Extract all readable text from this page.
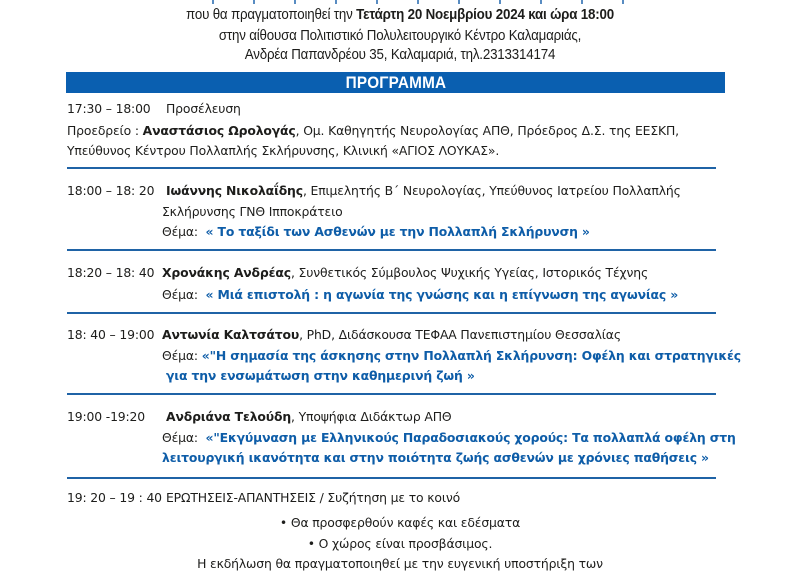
που θα πραγματοποιηθεί την Τετάρτη 20 Νοεμβρίου 2024 και ώρα 18:00
στην αίθουσα Πολιτιστικό Πολυλειτουργικό Κέντρο Καλαμαριάς,
Ανδρέα Παπανδρέου 35, Καλαμαριά, τηλ.2313314174
ΠΡΟΓΡΑΜΜΑ
17:30 – 18:00 Προσέλευση
Προεδρείο : Αναστάσιος Ωρολογάς, Ομ. Καθηγητής Νευρολογίας ΑΠΘ, Πρόεδρος Δ.Σ. της ΕΕΣΚΠ,
Υπεύθυνος Κέντρου Πολλαπλής Σκλήρυνσης, Κλινική «ΑΓΙΟΣ ΛΟΥΚΑΣ».
18:00 – 18: 20 Ιωάννης Νικολαΐδης, Επιμελητής Β΄ Νευρολογίας, Υπεύθυνος Ιατρείου Πολλαπλής
Σκλήρυνσης ΓΝΘ Ιπποκράτειο
Θέμα: « Το ταξίδι των Ασθενών με την Πολλαπλή Σκλήρυνση »
18:20 – 18: 40 Χρονάκης Ανδρέας, Συνθετικός Σύμβουλος Ψυχικής Υγείας, Ιστορικός Τέχνης
Θέμα: « Μιά επιστολή : η αγωνία της γνώσης και η επίγνωση της αγωνίας »
18: 40 – 19:00 Αντωνία Καλτσάτου, PhD, Διδάσκουσα ΤΕΦΑΑ Πανεπιστημίου Θεσσαλίας
Θέμα: «"Η σημασία της άσκησης στην Πολλαπλή Σκλήρυνση: Οφέλη και στρατηγικές
για την ενσωμάτωση στην καθημερινή ζωή »
19:00 -19:20 Ανδριάνα Τελούδη, Υποψήφια Διδάκτωρ ΑΠΘ
Θέμα: «"Εκγύμναση με Ελληνικούς Παραδοσιακούς χορούς: Τα πολλαπλά οφέλη στη
λειτουργική ικανότητα και στην ποιότητα ζωής ασθενών με χρόνιες παθήσεις »
19: 20 – 19 : 40 ΕΡΩΤΗΣΕΙΣ-ΑΠΑΝΤΗΣΕΙΣ / Συζήτηση με το κοινό
• Θα προσφερθούν καφές και εδέσματα
• Ο χώρος είναι προσβάσιμος.
Η εκδήλωση θα πραγματοποιηθεί με την ευγενική υποστήριξη των
